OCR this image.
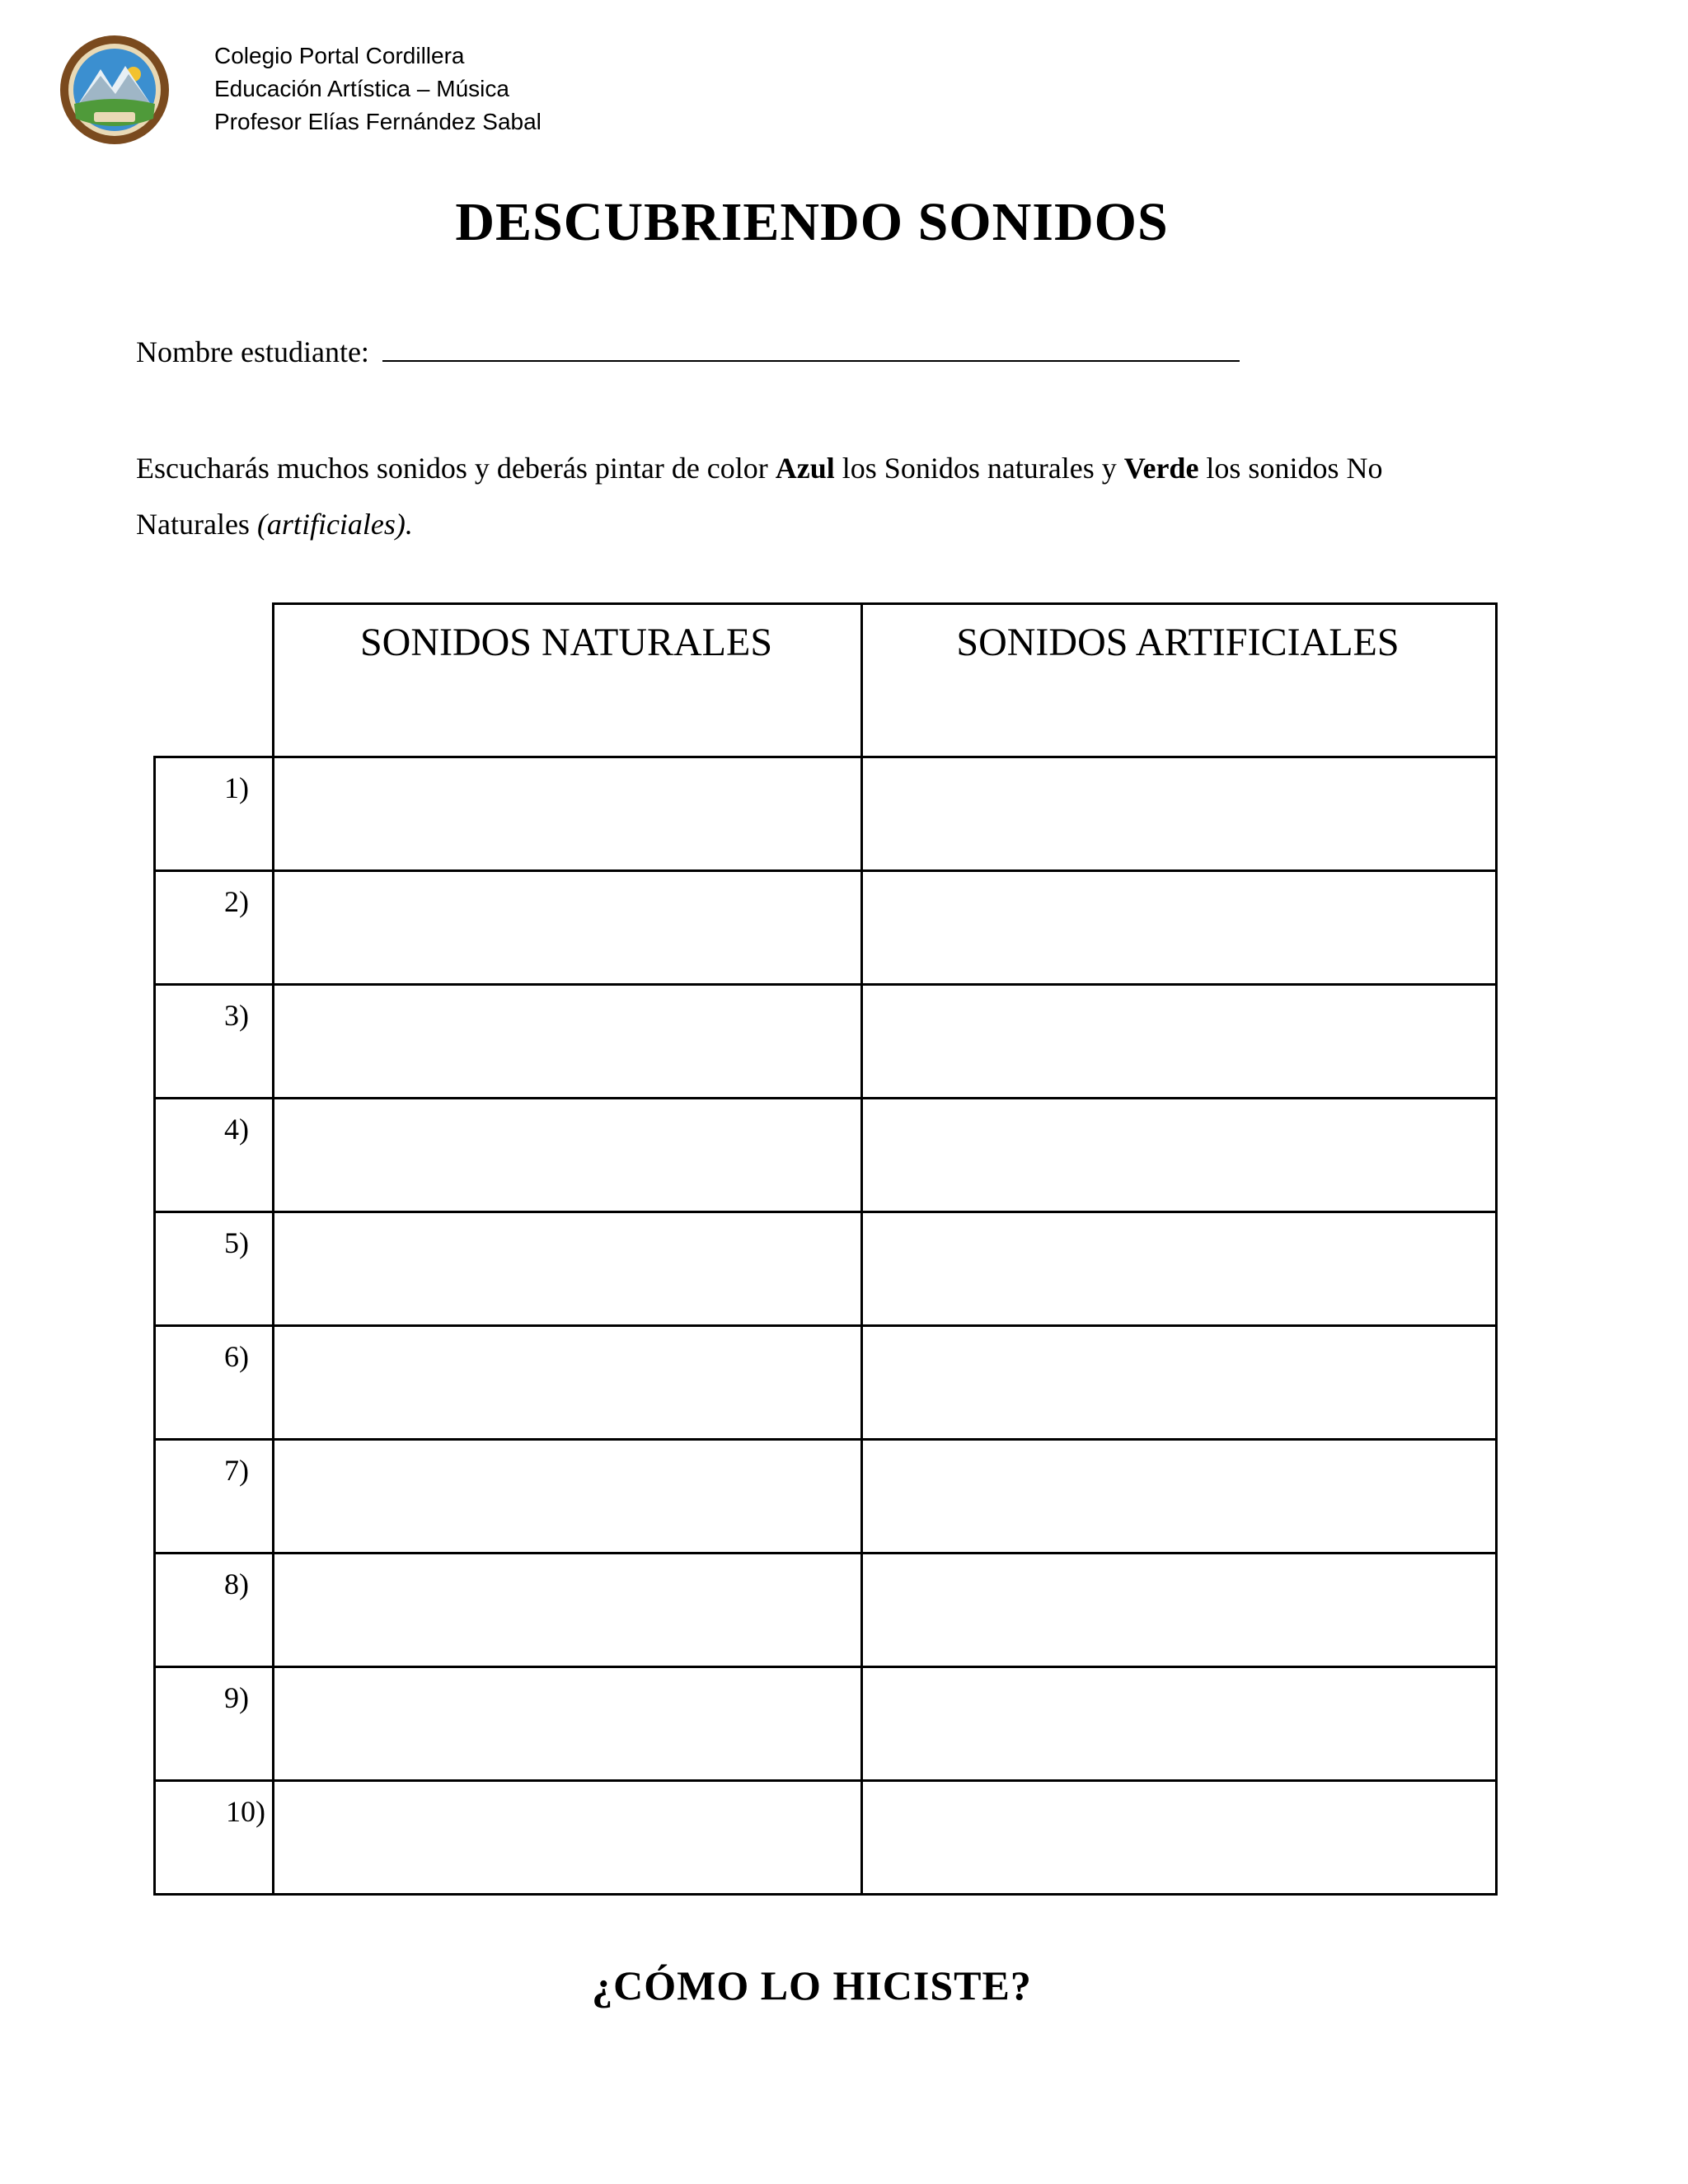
Colegio Portal Cordillera
Educación Artística – Música
Profesor Elías Fernández Sabal
DESCUBRIENDO SONIDOS
Nombre estudiante:
Escucharás muchos sonidos y deberás pintar de color Azul los Sonidos naturales y Verde los sonidos No Naturales (artificiales).
SONIDOS NATURALES	SONIDOS ARTIFICIALES
¿CÓMO LO HICISTE?
1)
2)
3)
4)
5)
6)
7)
8)
9)
10)
